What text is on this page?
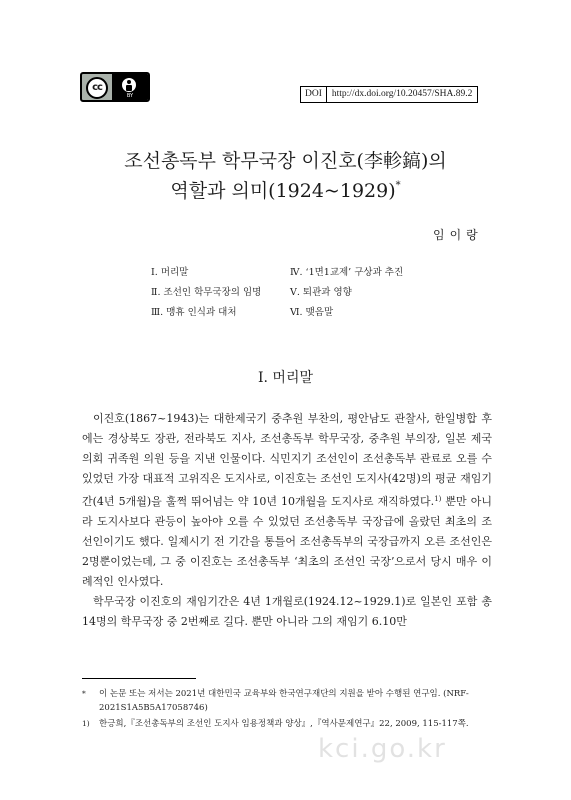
cc
BY	DOI	http://dx.doi.org/10.20457/SHA.89.2
조선총독부 학무국장 이진호(李軫鎬)의
역할과 의미(1924~1929)*
임이랑
Ⅰ. 머리말
Ⅱ. 조선인 학무국장의 임명
Ⅲ. 맹휴 인식과 대처
Ⅳ. ‘1면1교제’ 구상과 추진
Ⅴ. 퇴관과 영향
Ⅵ. 맺음말
Ⅰ. 머리말

이진호(1867~1943)는 대한제국기 중추원 부찬의, 평안남도 관찰사, 한일병합 후에는 경상북도 장관, 전라북도 지사, 조선총독부 학무국장, 중추원 부의장, 일본 제국의회 귀족원 의원 등을 지낸 인물이다. 식민지기 조선인이 조선총독부 관료로 오를 수 있었던 가장 대표적 고위직은 도지사로, 이진호는 조선인 도지사(42명)의 평균 재임기간(4년 5개월)을 훌쩍 뛰어넘는 약 10년 10개월을 도지사로 재직하였다.$^{1)}$ 뿐만 아니라 도지사보다 관등이 높아야 오를 수 있었던 조선총독부 국장급에 올랐던 최초의 조선인이기도 했다. 일제시기 전 기간을 통틀어 조선총독부의 국장급까지 오른 조선인은 2명뿐이었는데, 그 중 이진호는 조선총독부 ‘최초의 조선인 국장’으로서 당시 매우 이례적인 인사였다.

학무국장 이진호의 재임기간은 4년 1개월로(1924.12~1929.1)로 일본인 포함 총 14명의 학무국장 중 2번째로 길다. 뿐만 아니라 그의 재임기 6.10만

*	이 논문 또는 저서는 2021년 대한민국 교육부와 한국연구재단의 지원을 받아 수행된 연구임. (NRF-2021S1A5B5A17058746)
1)	한긍희,『조선총독부의 조선인 도지사 임용정책과 양상』,『역사문제연구』22, 2009, 115-117쪽.
kci.go.kr
